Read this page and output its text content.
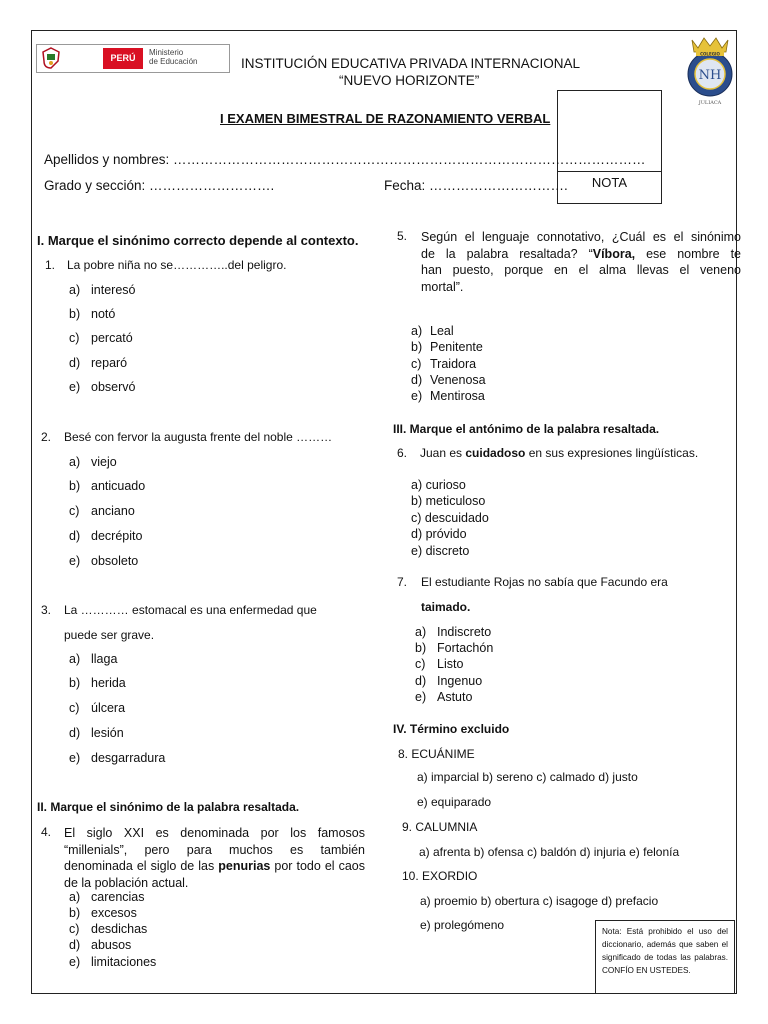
PERÚ
Ministerio
de Educación
COLEGIO
NH
JULIACA
INSTITUCIÓN EDUCATIVA PRIVADA INTERNACIONAL
“NUEVO HORIZONTE”
I EXAMEN BIMESTRAL DE RAZONAMIENTO VERBAL
NOTA
Apellidos y nombres: ……………………………………………………………………………………………
Grado y sección: ……………………….	Fecha: ………………………….
I. Marque el sinónimo correcto depende al contexto.
1. La pobre niña no se…………..del peligro.
a) interesó
b) notó
c) percató
d) reparó
e) observó
2. Besé con fervor la augusta frente del noble ………
a) viejo
b) anticuado
c) anciano
d) decrépito
e) obsoleto
3. La ………… estomacal es una enfermedad que
puede ser grave.
a) llaga
b) herida
c) úlcera
d) lesión
e) desgarradura
II. Marque el sinónimo de la palabra resaltada.
4. El siglo XXI es denominada por los famosos
“millenials”, pero para muchos es también
denominada el siglo de las penurias por todo el caos
de la población actual.
a) carencias
b) excesos
c) desdichas
d) abusos
e) limitaciones
5. Según el lenguaje connotativo, ¿Cuál es el sinónimo
de la palabra resaltada? “Víbora, ese nombre te
han puesto, porque en el alma llevas el veneno
mortal”.
a) Leal
b) Penitente
c) Traidora
d) Venenosa
e) Mentirosa
III. Marque el antónimo de la palabra resaltada.
6. Juan es cuidadoso en sus expresiones lingüísticas.
a) curioso
b) meticuloso
c) descuidado
d) próvido
e) discreto
7. El estudiante Rojas no sabía que Facundo era
taimado.
a) Indiscreto
b) Fortachón
c) Listo
d) Ingenuo
e) Astuto
IV. Término excluido
8. ECUÁNIME
a) imparcial b) sereno c) calmado d) justo
e) equiparado
9. CALUMNIA
a) afrenta b) ofensa c) baldón d) injuria e) felonía
10. EXORDIO
a) proemio b) obertura c) isagoge d) prefacio
e) prolegómeno	Nota: Está prohibido el uso del diccionario, además que saben el significado de todas las palabras. CONFÍO EN USTEDES.
